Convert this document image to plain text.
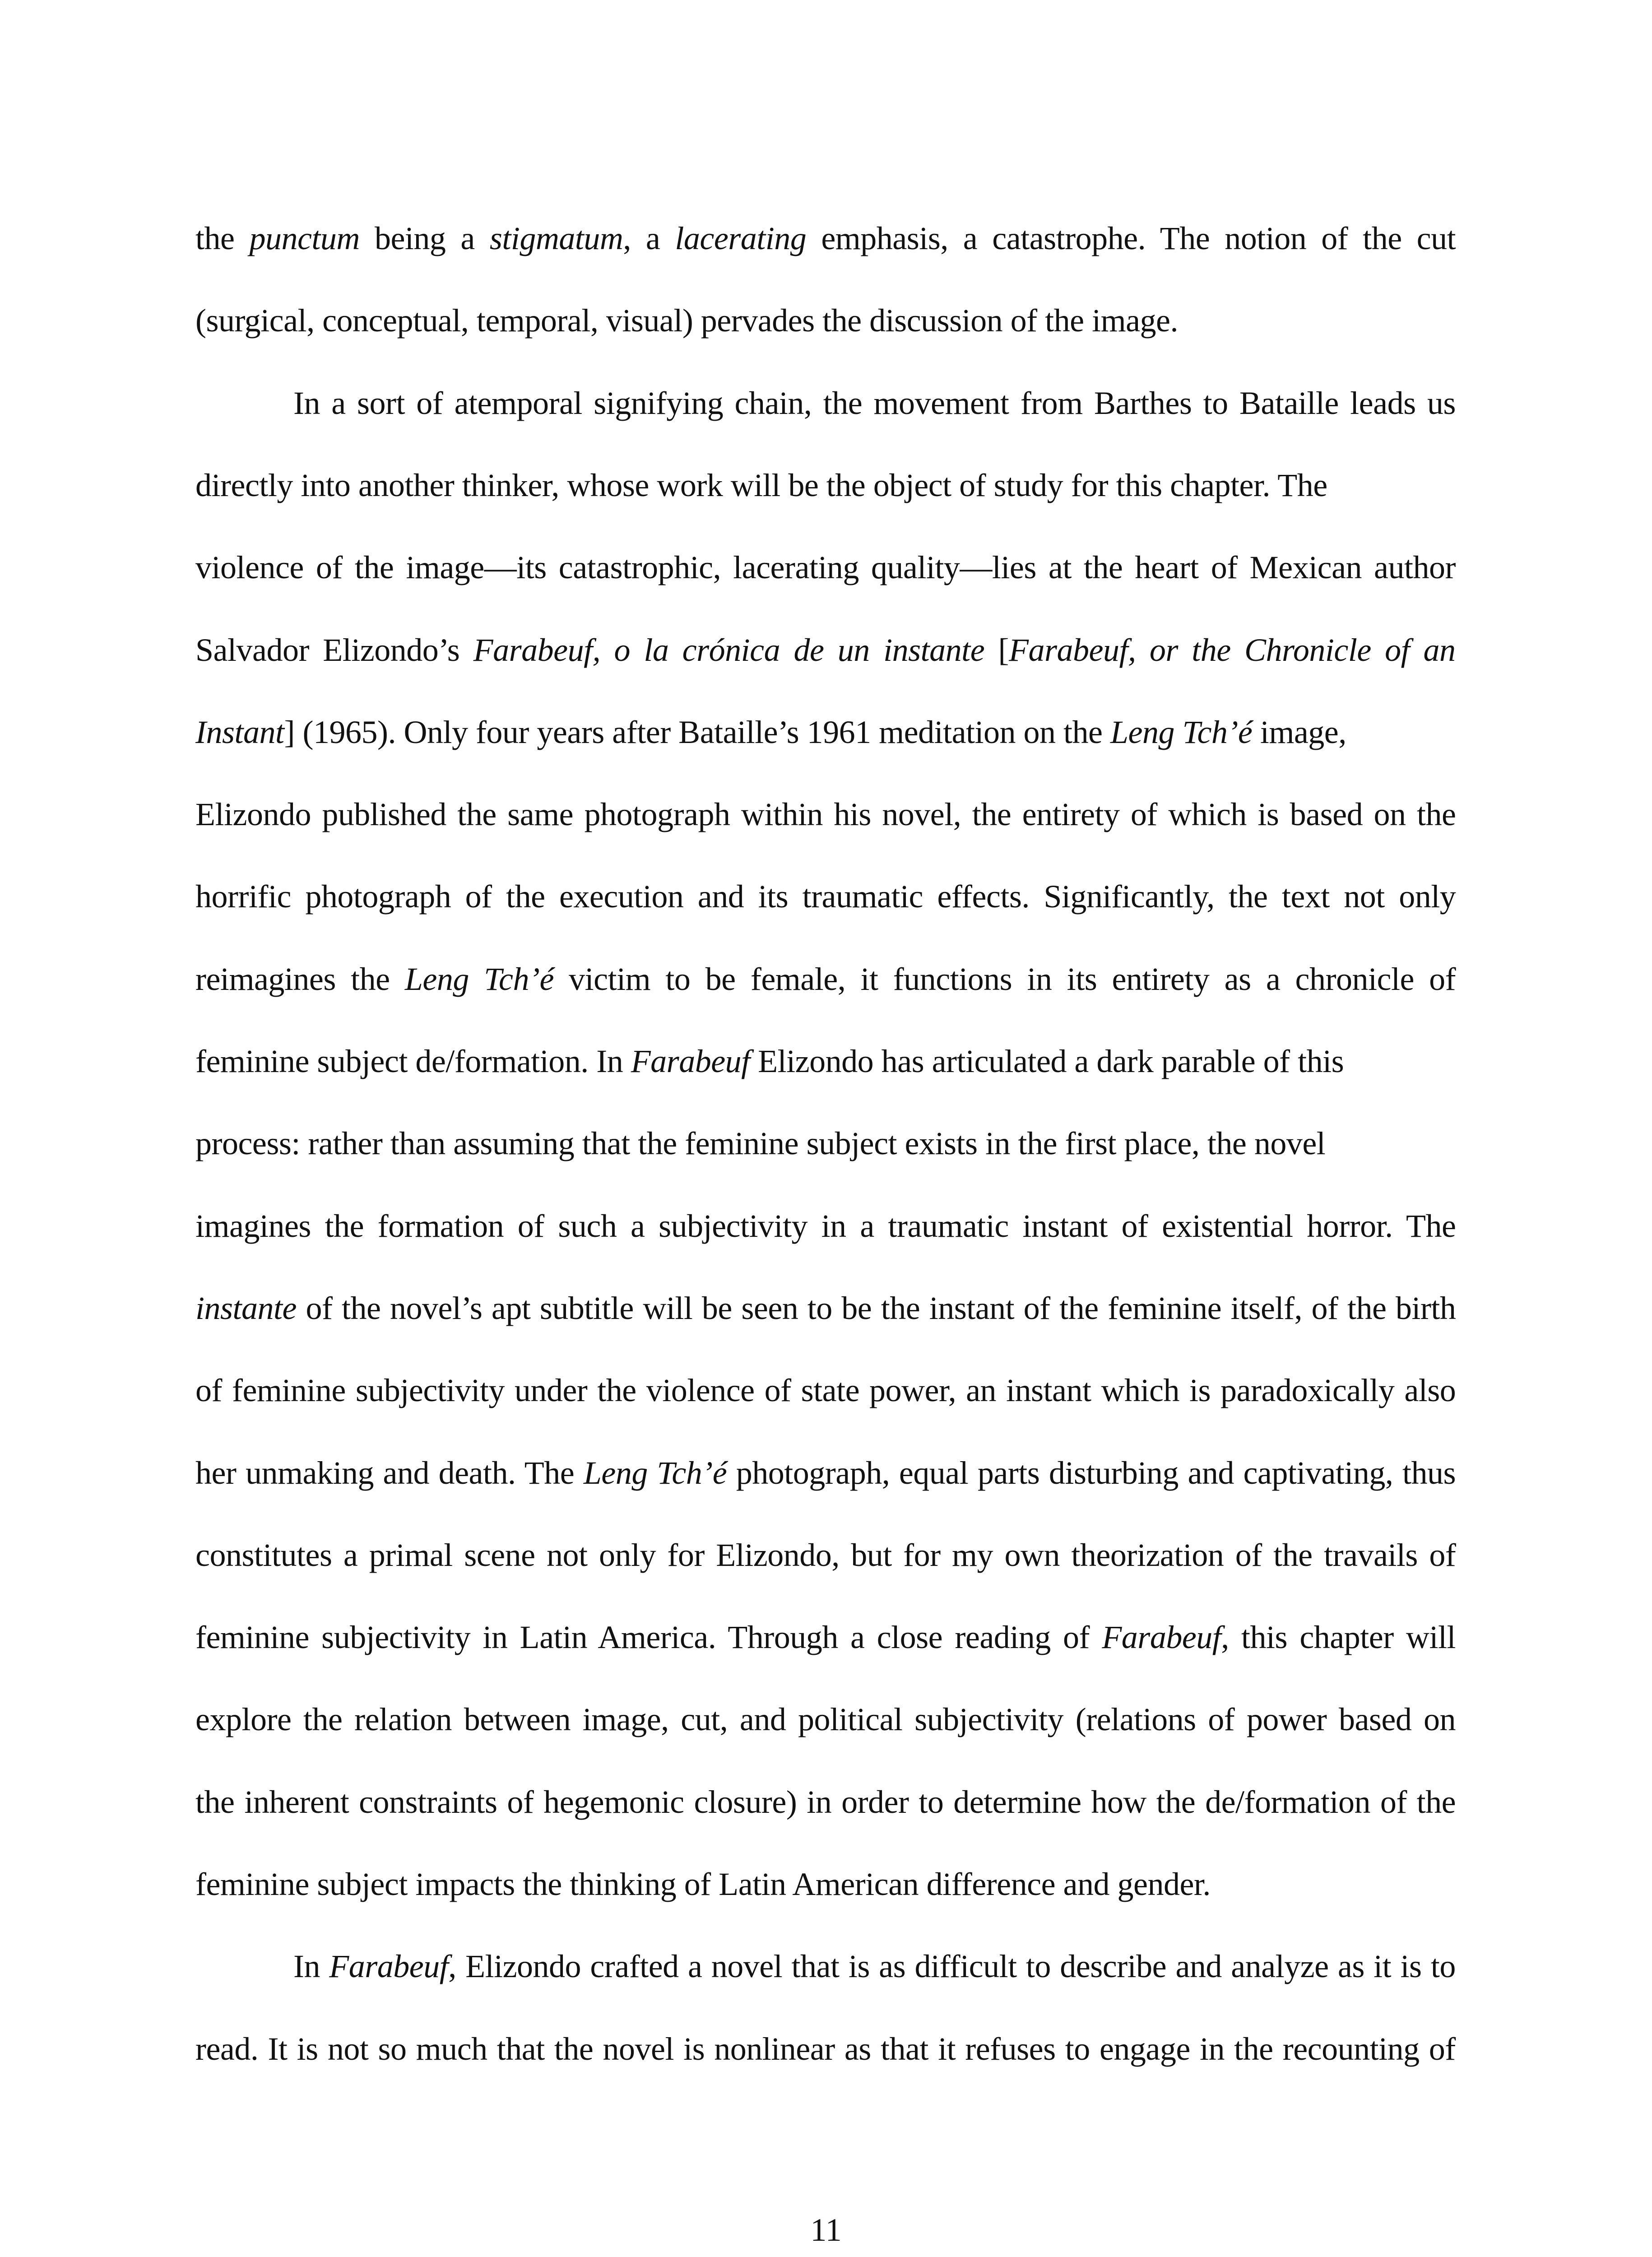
the punctum being a stigmatum, a lacerating emphasis, a catastrophe. The notion of the cut
(surgical, conceptual, temporal, visual) pervades the discussion of the image.
In a sort of atemporal signifying chain, the movement from Barthes to Bataille leads us
directly into another thinker, whose work will be the object of study for this chapter. The
violence of the image—its catastrophic, lacerating quality—lies at the heart of Mexican author
Salvador Elizondo’s Farabeuf, o la crónica de un instante [Farabeuf, or the Chronicle of an
Instant] (1965). Only four years after Bataille’s 1961 meditation on the Leng Tch’é image,
Elizondo published the same photograph within his novel, the entirety of which is based on the
horrific photograph of the execution and its traumatic effects. Significantly, the text not only
reimagines the Leng Tch’é victim to be female, it functions in its entirety as a chronicle of
feminine subject de/formation. In Farabeuf Elizondo has articulated a dark parable of this
process: rather than assuming that the feminine subject exists in the first place, the novel
imagines the formation of such a subjectivity in a traumatic instant of existential horror. The
instante of the novel’s apt subtitle will be seen to be the instant of the feminine itself, of the birth
of feminine subjectivity under the violence of state power, an instant which is paradoxically also
her unmaking and death. The Leng Tch’é photograph, equal parts disturbing and captivating, thus
constitutes a primal scene not only for Elizondo, but for my own theorization of the travails of
feminine subjectivity in Latin America. Through a close reading of Farabeuf, this chapter will
explore the relation between image, cut, and political subjectivity (relations of power based on
the inherent constraints of hegemonic closure) in order to determine how the de/formation of the
feminine subject impacts the thinking of Latin American difference and gender.
In Farabeuf, Elizondo crafted a novel that is as difficult to describe and analyze as it is to
read. It is not so much that the novel is nonlinear as that it refuses to engage in the recounting of
11
